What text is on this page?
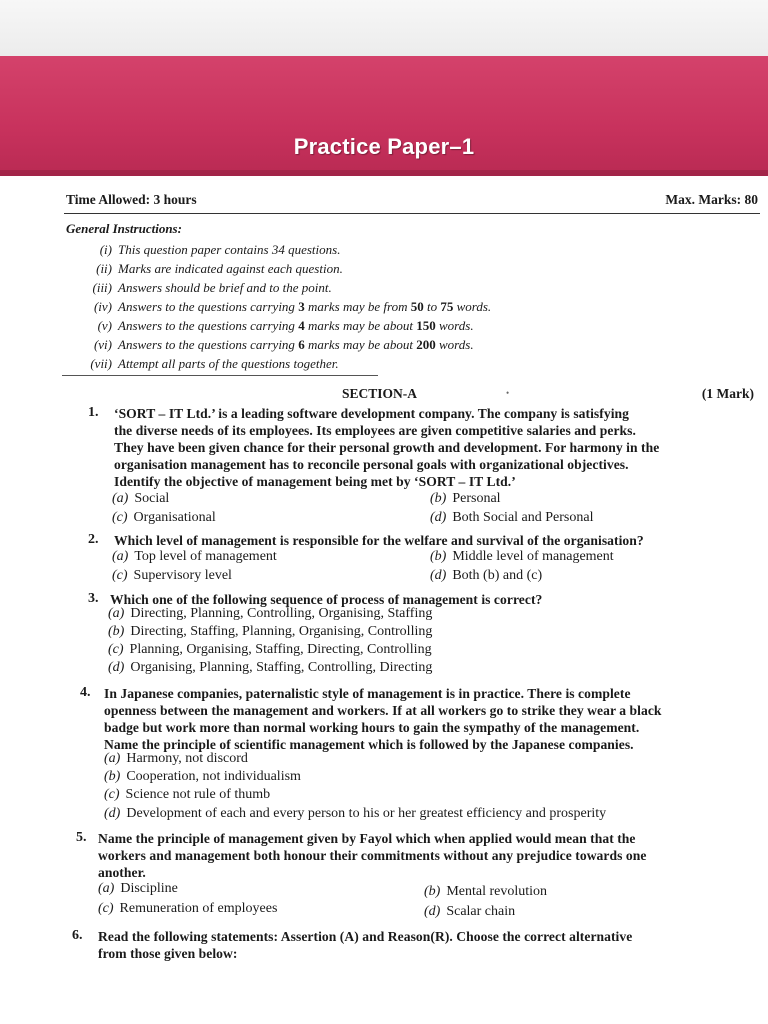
Practice Paper–1
Time Allowed: 3 hours	Max. Marks: 80
General Instructions:
(i) This question paper contains 34 questions.
(ii) Marks are indicated against each question.
(iii) Answers should be brief and to the point.
(iv) Answers to the questions carrying 3 marks may be from 50 to 75 words.
(v) Answers to the questions carrying 4 marks may be about 150 words.
(vi) Answers to the questions carrying 6 marks may be about 200 words.
(vii) Attempt all parts of the questions together.
SECTION-A	•	(1 Mark)
1. ‘SORT – IT Ltd.’ is a leading software development company. The company is satisfying
the diverse needs of its employees. Its employees are given competitive salaries and perks.
They have been given chance for their personal growth and development. For harmony in the
organisation management has to reconcile personal goals with organizational objectives.
Identify the objective of management being met by ‘SORT – IT Ltd.’
(a) Social	(b) Personal
(c) Organisational	(d) Both Social and Personal
2. Which level of management is responsible for the welfare and survival of the organisation?
(a) Top level of management	(b) Middle level of management
(c) Supervisory level	(d) Both (b) and (c)
3. Which one of the following sequence of process of management is correct?
(a) Directing, Planning, Controlling, Organising, Staffing
(b) Directing, Staffing, Planning, Organising, Controlling
(c) Planning, Organising, Staffing, Directing, Controlling
(d) Organising, Planning, Staffing, Controlling, Directing
4. In Japanese companies, paternalistic style of management is in practice. There is complete
openness between the management and workers. If at all workers go to strike they wear a black
badge but work more than normal working hours to gain the sympathy of the management.
Name the principle of scientific management which is followed by the Japanese companies.
(a) Harmony, not discord
(b) Cooperation, not individualism
(c) Science not rule of thumb
(d) Development of each and every person to his or her greatest efficiency and prosperity
5. Name the principle of management given by Fayol which when applied would mean that the
workers and management both honour their commitments without any prejudice towards one
another.
(a) Discipline	(b) Mental revolution
(c) Remuneration of employees	(d) Scalar chain
6. Read the following statements: Assertion (A) and Reason(R). Choose the correct alternative
from those given below:
